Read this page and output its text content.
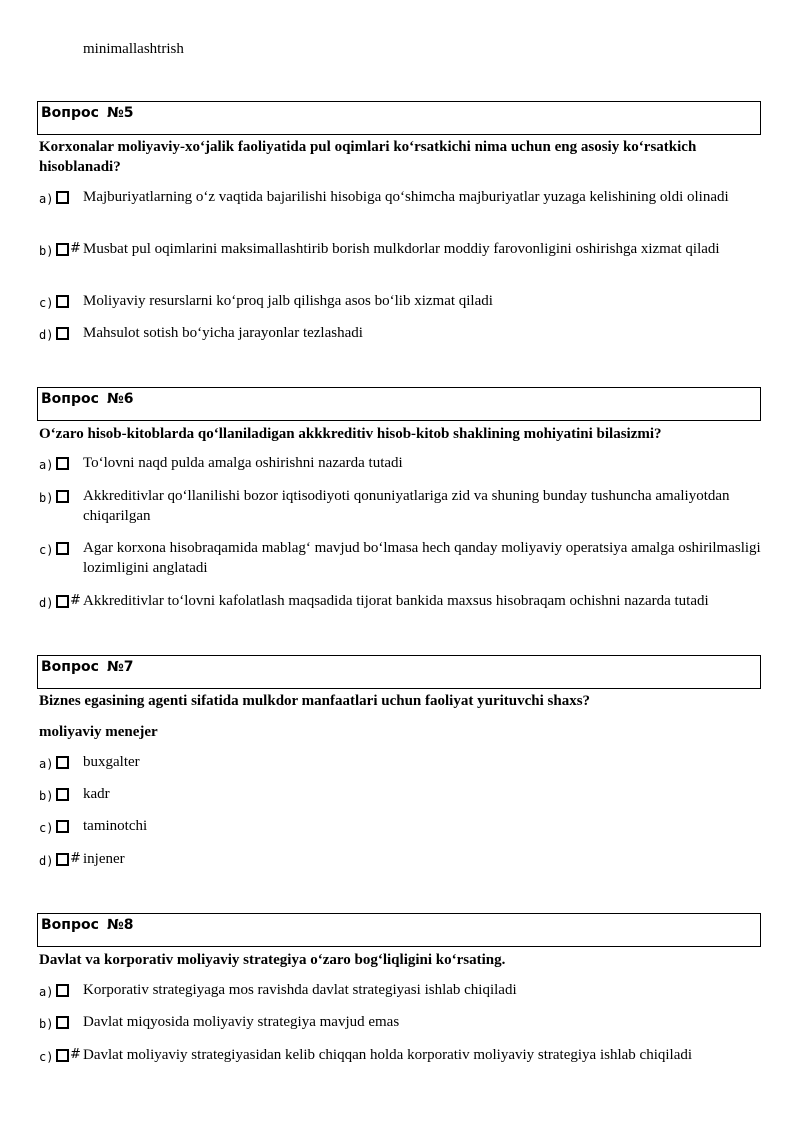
minimallashtrish
Вопрос №5
Korxonalar moliyaviy-xo‘jalik faoliyatida pul oqimlari ko‘rsatkichi nima uchun eng asosiy ko‘rsatkich hisoblanadi?
a) Majburiyatlarning o‘z vaqtida bajarilishi hisobiga qo‘shimcha majburiyatlar yuzaga kelishining oldi olinadi
b) # Musbat pul oqimlarini maksimallashtirib borish mulkdorlar moddiy farovonligini oshirishga xizmat qiladi
c) Moliyaviy resurslarni ko‘proq jalb qilishga asos bo‘lib xizmat qiladi
d) Mahsulot sotish bo‘yicha jarayonlar tezlashadi
Вопрос №6
O‘zaro hisob-kitoblarda qo‘llaniladigan akkkreditiv hisob-kitob shaklining mohiyatini bilasizmi?
a) To‘lovni naqd pulda amalga oshirishni nazarda tutadi
b) Akkreditivlar qo‘llanilishi bozor iqtisodiyoti qonuniyatlariga zid va shuning bunday tushuncha amaliyotdan chiqarilgan
c) Agar korxona hisobraqamida mablag‘ mavjud bo‘lmasa hech qanday moliyaviy operatsiya amalga oshirilmasligi lozimligini anglatadi
d) # Akkreditivlar to‘lovni kafolatlash maqsadida tijorat bankida maxsus hisobraqam ochishni nazarda tutadi
Вопрос №7
Biznes egasining agenti sifatida mulkdor manfaatlari uchun faoliyat yurituvchi shaxs?
moliyaviy menejer
a) buxgalter
b) kadr
c) taminotchi
d) # injener
Вопрос №8
Davlat va korporativ moliyaviy strategiya o‘zaro bog‘liqligini ko‘rsating.
a) Korporativ strategiyaga mos ravishda davlat strategiyasi ishlab chiqiladi
b) Davlat miqyosida moliyaviy strategiya mavjud emas
c) # Davlat moliyaviy strategiyasidan kelib chiqqan holda korporativ moliyaviy strategiya ishlab chiqiladi
